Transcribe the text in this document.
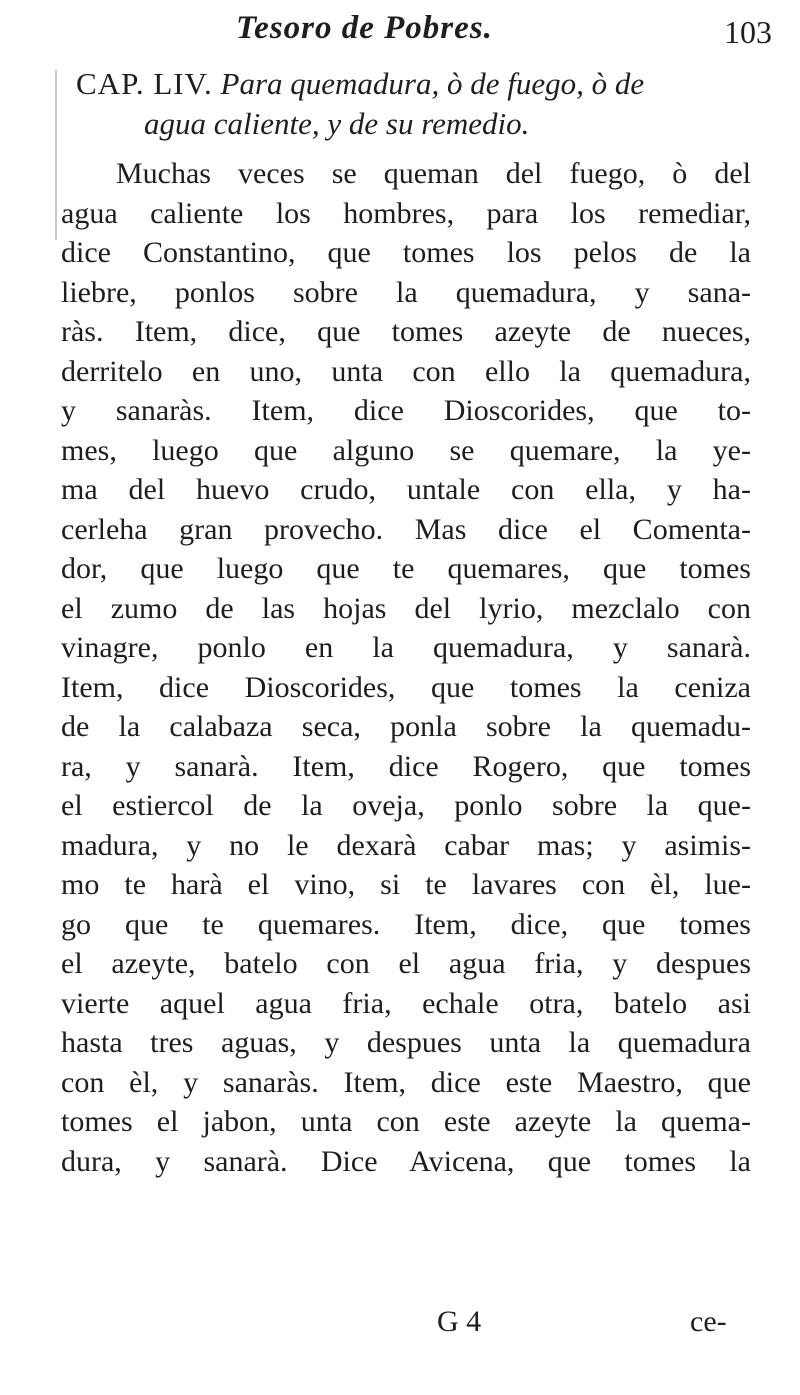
Tesoro de Pobres.	103
CAP. LIV. Para quemadura, ò de fuego, ò de
agua caliente, y de su remedio.
Muchas veces se queman del fuego, ò del
agua caliente los hombres, para los remediar,
dice Constantino, que tomes los pelos de la
liebre, ponlos sobre la quemadura, y sana-
ràs. Item, dice, que tomes azeyte de nueces,
derritelo en uno, unta con ello la quemadura,
y sanaràs. Item, dice Dioscorides, que to-
mes, luego que alguno se quemare, la ye-
ma del huevo crudo, untale con ella, y ha-
cerleha gran provecho. Mas dice el Comenta-
dor, que luego que te quemares, que tomes
el zumo de las hojas del lyrio, mezclalo con
vinagre, ponlo en la quemadura, y sanarà.
Item, dice Dioscorides, que tomes la ceniza
de la calabaza seca, ponla sobre la quemadu-
ra, y sanarà. Item, dice Rogero, que tomes
el estiercol de la oveja, ponlo sobre la que-
madura, y no le dexarà cabar mas; y asimis-
mo te harà el vino, si te lavares con èl, lue-
go que te quemares. Item, dice, que tomes
el azeyte, batelo con el agua fria, y despues
vierte aquel agua fria, echale otra, batelo asi
hasta tres aguas, y despues unta la quemadura
con èl, y sanaràs. Item, dice este Maestro, que
tomes el jabon, unta con este azeyte la quema-
dura, y sanarà. Dice Avicena, que tomes la
G 4	ce-
